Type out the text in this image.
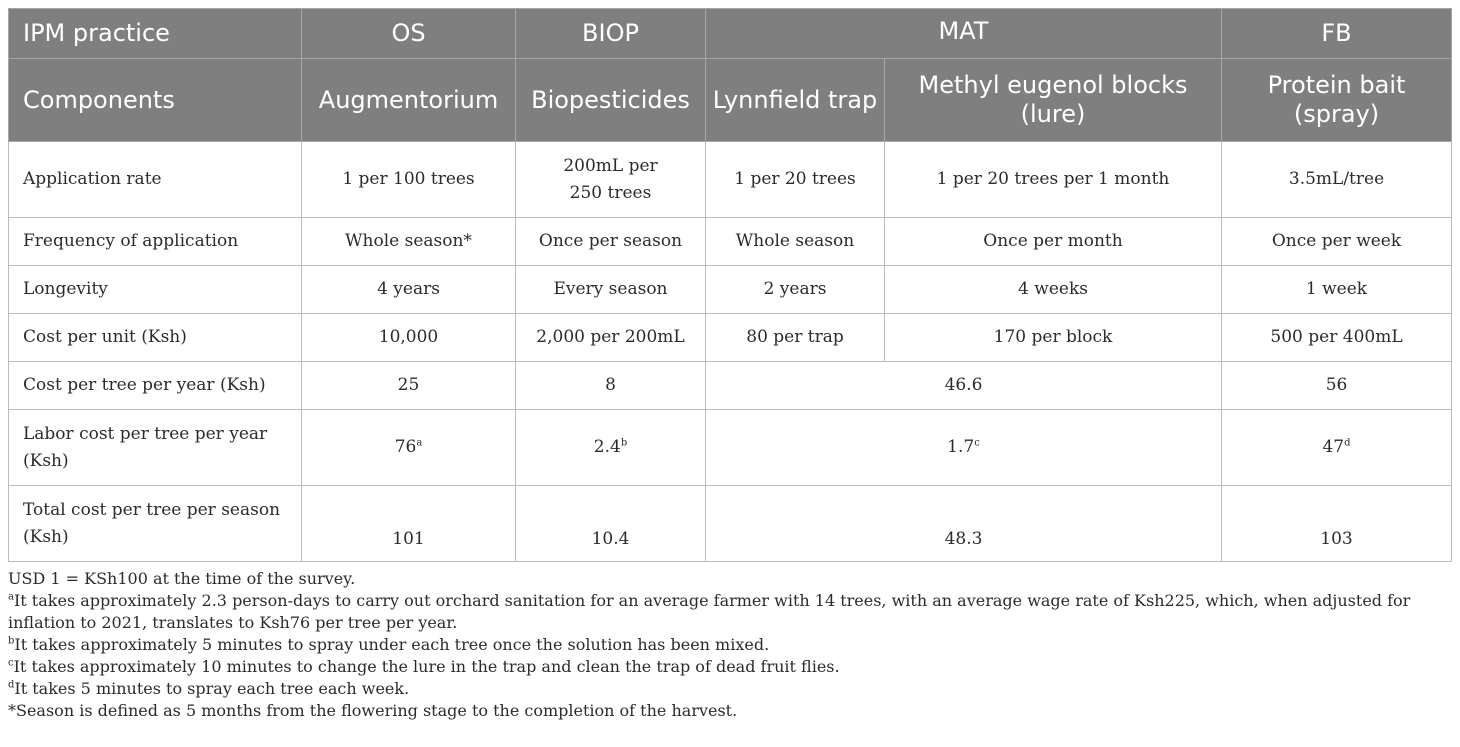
IPM practice	OS	BIOP	MAT		FB
Components	Augmentorium	Biopesticides	Lynnfield trap	Methyl eugenol blocks (lure)	Protein bait (spray)
Application rate	1 per 100 trees	200mL per 250 trees	1 per 20 trees	1 per 20 trees per 1 month	3.5mL/tree
Frequency of application	Whole season*	Once per season	Whole season	Once per month	Once per week
Longevity	4 years	Every season	2 years	4 weeks	1 week
Cost per unit (Ksh)	10,000	2,000 per 200mL	80 per trap	170 per block	500 per 400mL
Cost per tree per year (Ksh)	25	8	46.6		56
Labor cost per tree per year (Ksh)	76$^a$	2.4$^b$	1.7$^c$		47$^d$
Total cost per tree per season (Ksh)	101	10.4	48.3		103

USD 1 = KSh100 at the time of the survey.

$^a$It takes approximately 2.3 person-days to carry out orchard sanitation for an average farmer with 14 trees, with an average wage rate of Ksh225, which, when adjusted for inflation to 2021, translates to Ksh76 per tree per year.

$^b$It takes approximately 5 minutes to spray under each tree once the solution has been mixed.

$^c$It takes approximately 10 minutes to change the lure in the trap and clean the trap of dead fruit flies.

$^d$It takes 5 minutes to spray each tree each week.

*Season is defined as 5 months from the flowering stage to the completion of the harvest.
